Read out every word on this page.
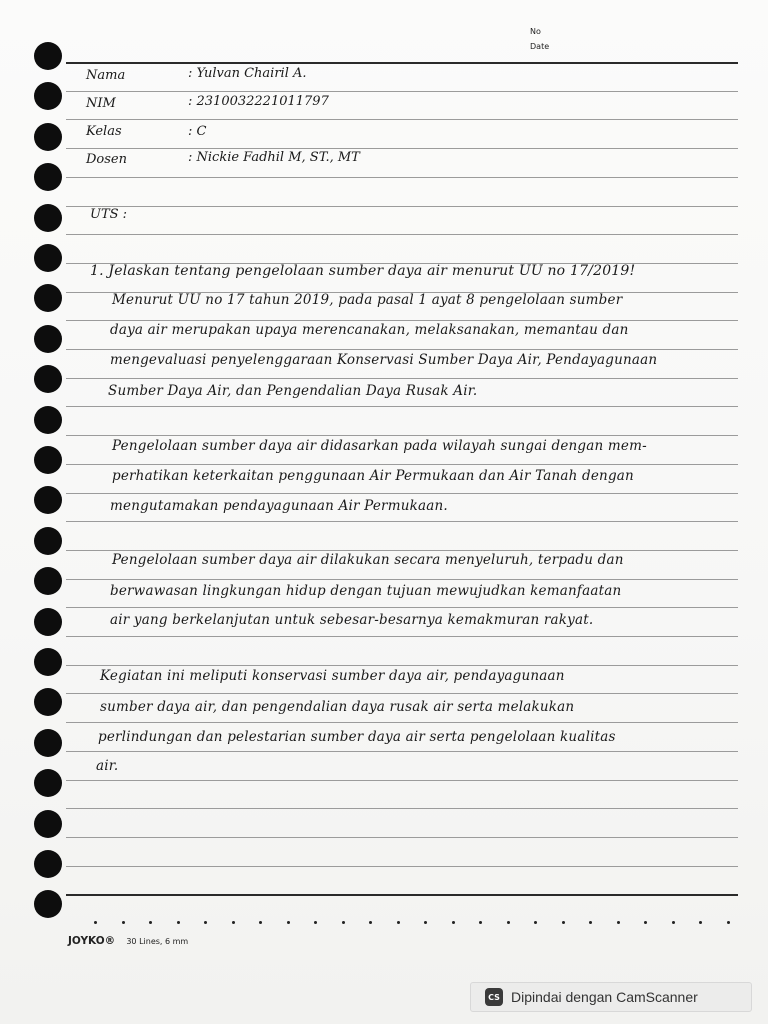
No
Date
Nama	: Yulvan Chairil A.
NIM	: 2310032221011797
Kelas	: C
Dosen	: Nickie Fadhil M, ST., MT
UTS :
1. Jelaskan tentang pengelolaan sumber daya air menurut UU no 17/2019!
Menurut UU no 17 tahun 2019, pada pasal 1 ayat 8 pengelolaan sumber
daya air merupakan upaya merencanakan, melaksanakan, memantau dan
mengevaluasi penyelenggaraan Konservasi Sumber Daya Air, Pendayagunaan
Sumber Daya Air, dan Pengendalian Daya Rusak Air.
Pengelolaan sumber daya air didasarkan pada wilayah sungai dengan mem-
perhatikan keterkaitan penggunaan Air Permukaan dan Air Tanah dengan
mengutamakan pendayagunaan Air Permukaan.
Pengelolaan sumber daya air dilakukan secara menyeluruh, terpadu dan
berwawasan lingkungan hidup dengan tujuan mewujudkan kemanfaatan
air yang berkelanjutan untuk sebesar-besarnya kemakmuran rakyat.
Kegiatan ini meliputi konservasi sumber daya air, pendayagunaan
sumber daya air, dan pengendalian daya rusak air serta melakukan
perlindungan dan pelestarian sumber daya air serta pengelolaan kualitas
air.
JOYKO® 30 Lines, 6 mm
CS Dipindai dengan CamScanner
